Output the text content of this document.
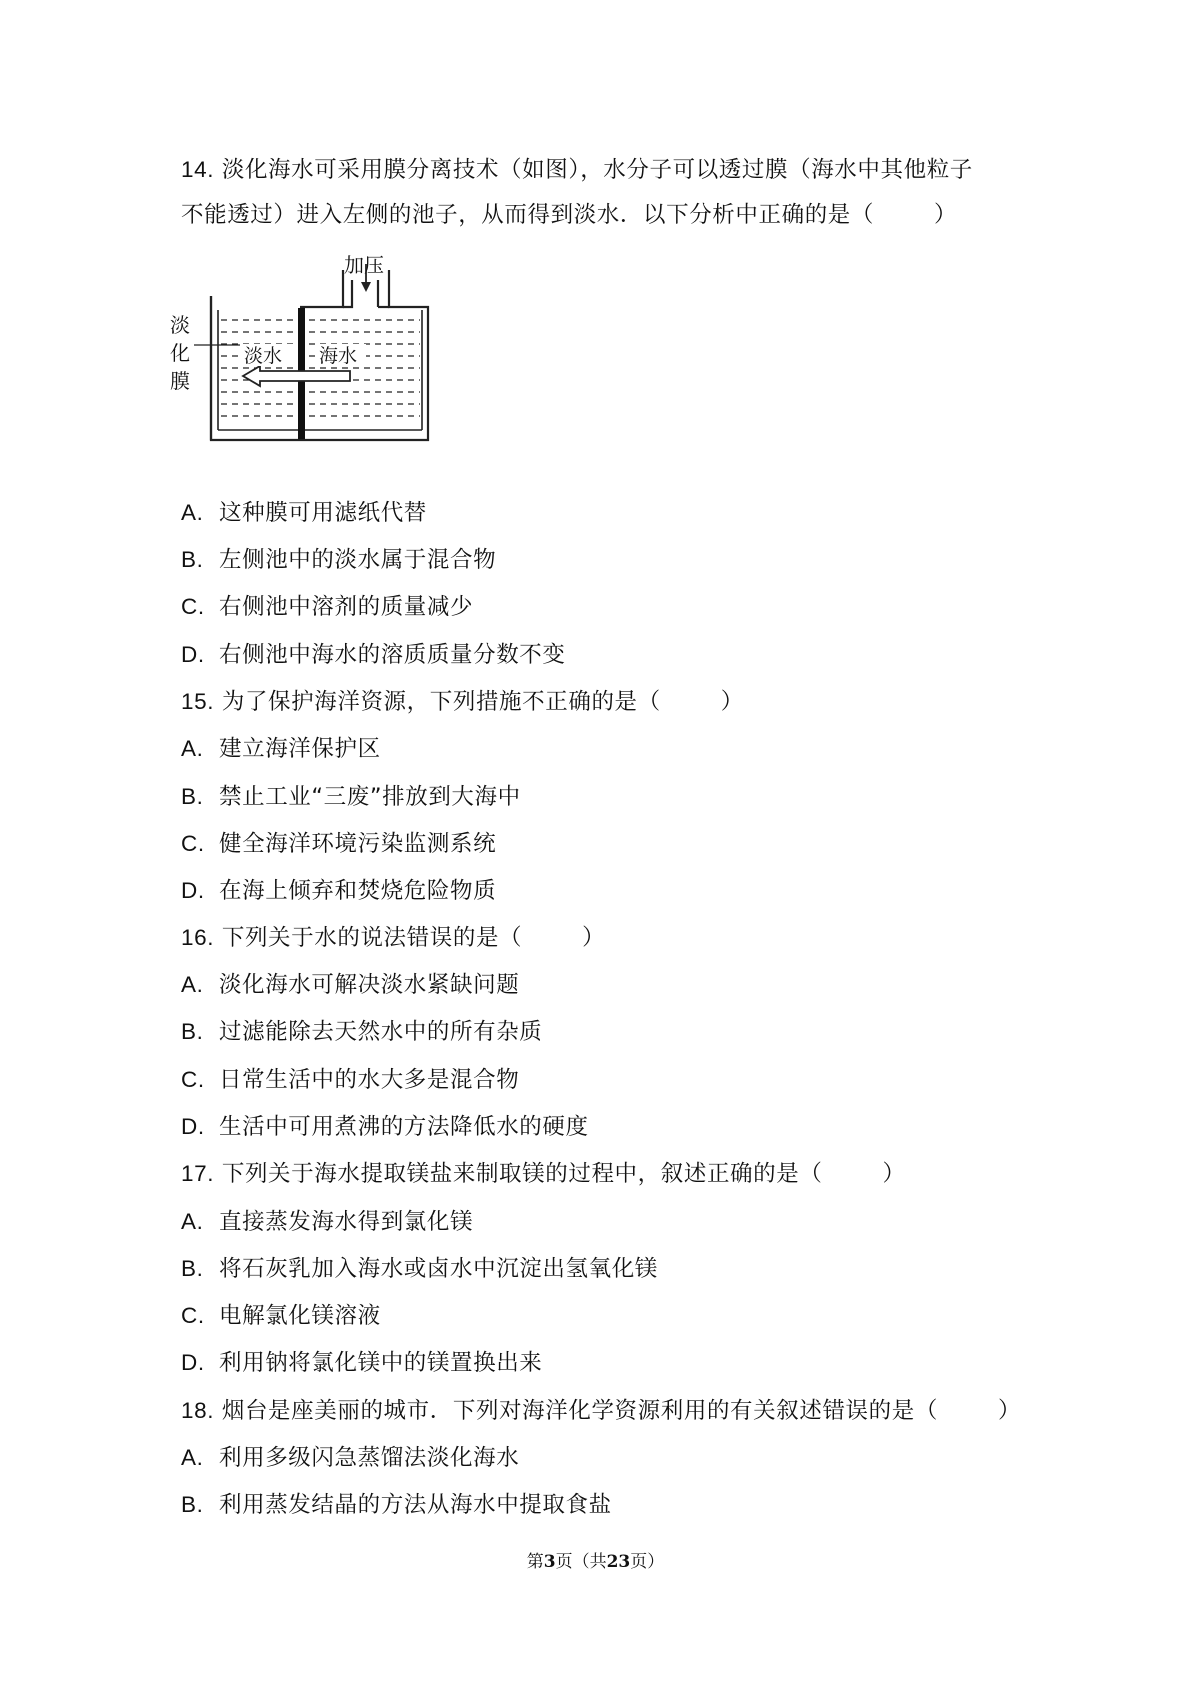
14. 淡化海水可采用膜分离技术（如图），水分子可以透过膜（海水中其他粒子
不能透过）进入左侧的池子，从而得到淡水．以下分析中正确的是（	）
加压
淡水 海水
淡
化
膜
A. 这种膜可用滤纸代替
B. 左侧池中的淡水属于混合物
C. 右侧池中溶剂的质量减少
D. 右侧池中海水的溶质质量分数不变
15. 为了保护海洋资源，下列措施不正确的是（	）
A. 建立海洋保护区
B. 禁止工业“三废”排放到大海中
C. 健全海洋环境污染监测系统
D. 在海上倾弃和焚烧危险物质
16. 下列关于水的说法错误的是（	）
A. 淡化海水可解决淡水紧缺问题
B. 过滤能除去天然水中的所有杂质
C. 日常生活中的水大多是混合物
D. 生活中可用煮沸的方法降低水的硬度
17. 下列关于海水提取镁盐来制取镁的过程中，叙述正确的是（	）
A. 直接蒸发海水得到氯化镁
B. 将石灰乳加入海水或卤水中沉淀出氢氧化镁
C. 电解氯化镁溶液
D. 利用钠将氯化镁中的镁置换出来
18. 烟台是座美丽的城市．下列对海洋化学资源利用的有关叙述错误的是（	）
A. 利用多级闪急蒸馏法淡化海水
B. 利用蒸发结晶的方法从海水中提取食盐
第3页（共23页）
